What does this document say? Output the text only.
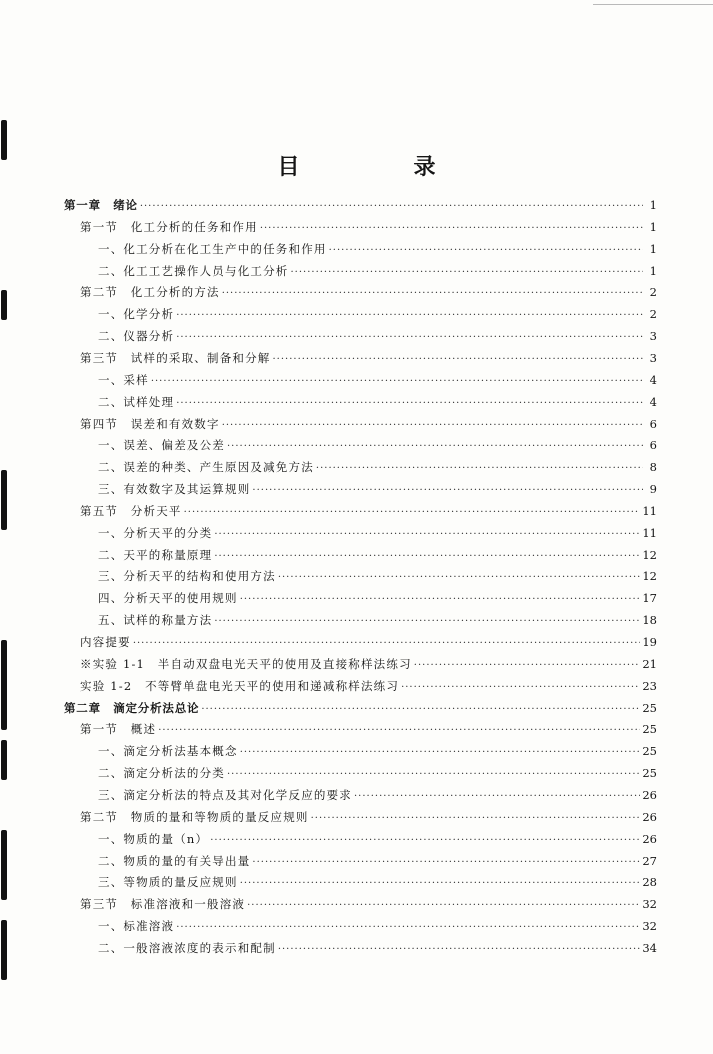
目　录
第一章　绪论 ·····	1
第一节　化工分析的任务和作用 ·····	1
一、化工分析在化工生产中的任务和作用 ·····	1
二、化工工艺操作人员与化工分析 ·····	1
第二节　化工分析的方法 ·····	2
一、化学分析 ·····	2
二、仪器分析 ·····	3
第三节　试样的采取、制备和分解 ·····	3
一、采样 ·····	4
二、试样处理 ·····	4
第四节　误差和有效数字 ·····	6
一、误差、偏差及公差 ·····	6
二、误差的种类、产生原因及减免方法 ·····	8
三、有效数字及其运算规则 ·····	9
第五节　分析天平 ·····	11
一、分析天平的分类 ·····	11
二、天平的称量原理 ·····	12
三、分析天平的结构和使用方法 ·····	12
四、分析天平的使用规则 ·····	17
五、试样的称量方法 ·····	18
内容提要 ·····	19
※实验 1-1　半自动双盘电光天平的使用及直接称样法练习 ·····	21
实验 1-2　不等臂单盘电光天平的使用和递减称样法练习 ·····	23
第二章　滴定分析法总论 ·····	25
第一节　概述 ·····	25
一、滴定分析法基本概念 ·····	25
二、滴定分析法的分类 ·····	25
三、滴定分析法的特点及其对化学反应的要求 ·····	26
第二节　物质的量和等物质的量反应规则 ·····	26
一、物质的量（n） ·····	26
二、物质的量的有关导出量 ·····	27
三、等物质的量反应规则 ·····	28
第三节　标准溶液和一般溶液 ·····	32
一、标准溶液 ·····	32
二、一般溶液浓度的表示和配制 ·····	34
